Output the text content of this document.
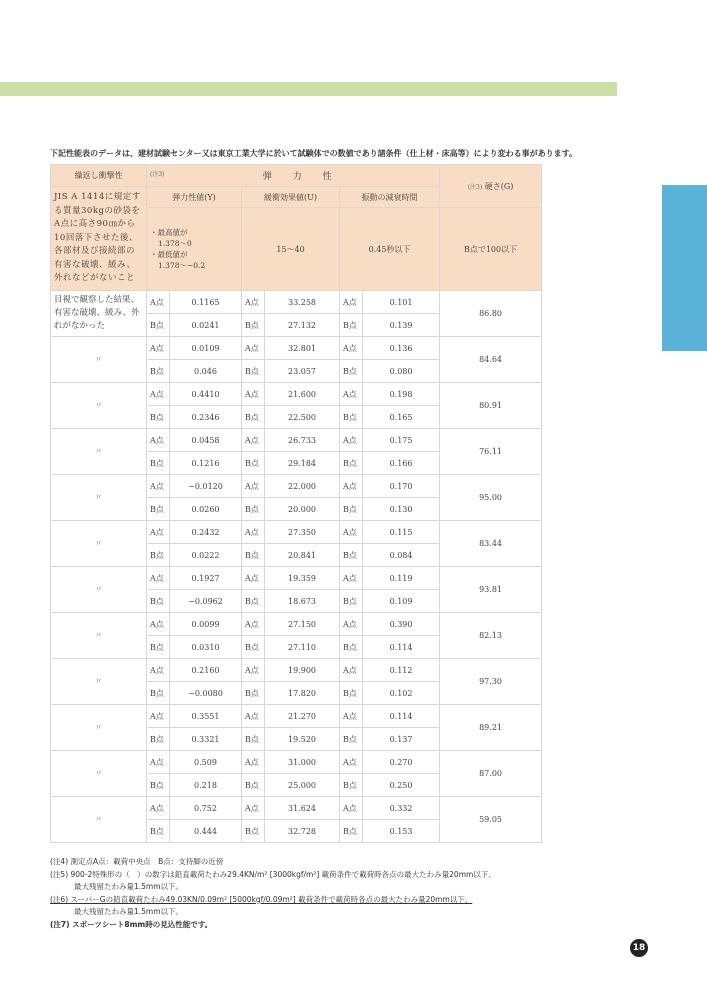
下記性能表のデータは、建材試験センター又は東京工業大学に於いて試験体での数値であり諸条件（仕上材・床高等）により変わる事があります。
繰返し衝撃性	(注3) 弾　力　性						(注3) 硬さ(G)
JIS A 1414に規定する質量30kgの砂袋をA点に高さ90㎝から10回落下させた後、各部材及び接続部の有害な破壊、緩み、外れなどがないこと	弾力性値(Y)		緩衝効果値(U)		振動の減衰時間		

	・最高値が
1.378〜0
・最低値が
1.378〜−0.2		15〜40		0.45秒以下		B点で100以下
目視で観察した結果、有害な破壊、緩み、外れがなかった	A点	0.1165	A点	33.258	A点	0.101	86.80
	B点	0.0241	B点	27.132	B点	0.139	
〃	A点	0.0109	A点	32.801	A点	0.136	84.64
	B点	0.046	B点	23.057	B点	0.080	
〃	A点	0.4410	A点	21.600	A点	0.198	80.91
	B点	0.2346	B点	22.500	B点	0.165	
〃	A点	0.0458	A点	26.733	A点	0.175	76.11
	B点	0.1216	B点	29.184	B点	0.166	
〃	A点	−0.0120	A点	22.000	A点	0.170	95.00
	B点	0.0260	B点	20.000	B点	0.130	
〃	A点	0.2432	A点	27.350	A点	0.115	83.44
	B点	0.0222	B点	20.841	B点	0.084	
〃	A点	0.1927	A点	19.359	A点	0.119	93.81
	B点	−0.0962	B点	18.673	B点	0.109	
〃	A点	0.0099	A点	27.150	A点	0.390	82.13
	B点	0.0310	B点	27.110	B点	0.114	
〃	A点	0.2160	A点	19.900	A点	0.112	97.30
	B点	−0.0080	B点	17.820	B点	0.102	
〃	A点	0.3551	A点	21.270	A点	0.114	89.21
	B点	0.3321	B点	19.520	B点	0.137	
〃	A点	0.509	A点	31.000	A点	0.270	87.00
	B点	0.218	B点	25.000	B点	0.250	
〃	A点	0.752	A点	31.624	A点	0.332	59.05
	B点	0.444	B点	32.728	B点	0.153	
(注4) 測定点A点：載荷中央点　B点：支持脚の近傍
(注5) 900-2特殊形の（　）の数字は鉛直載荷たわみ29.4KN/m² [3000kgf/m²] 載荷条件で載荷時各点の最大たわみ量20mm以下、
最大残留たわみ量1.5mm以下。
(注6) スーパーGの鉛直載荷たわみ49.03KN/0.09m² [5000kgf/0.09m²] 載荷条件で載荷時各点の最大たわみ量20mm以下、
最大残留たわみ量1.5mm以下。
(注7) スポーツシート8mm時の見込性能です。
18
